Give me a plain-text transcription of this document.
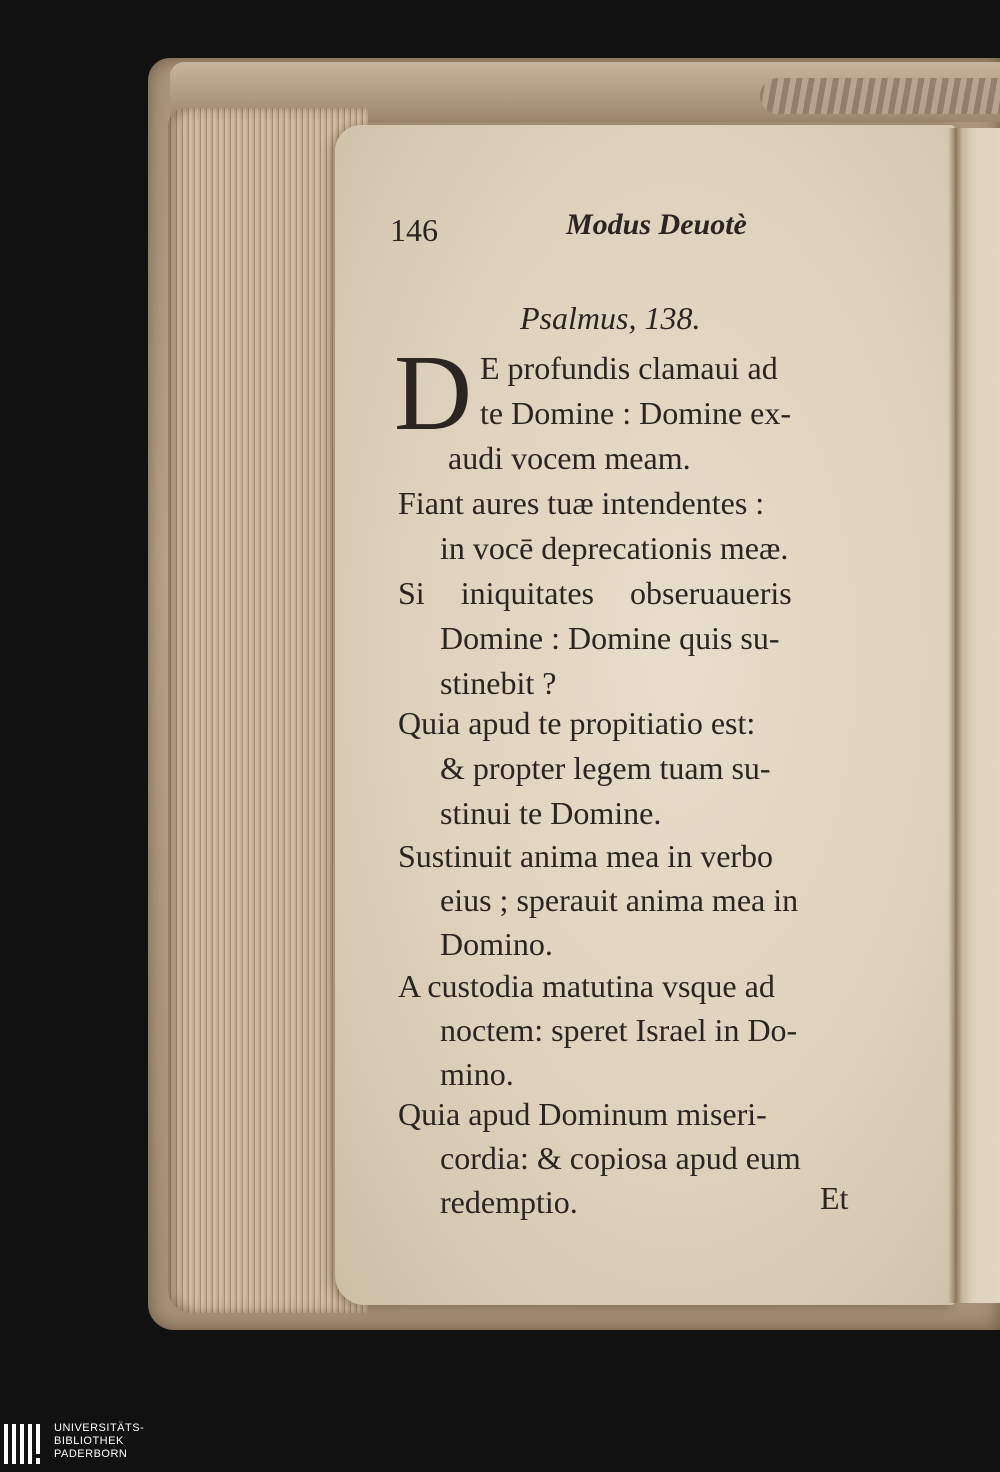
146	Modus Deuotè
Psalmus, 138.
D E profundis clamaui ad
te Domine : Domine ex-
audi vocem meam.
Fiant aures tuæ intendentes :
in vocē deprecationis meæ.
Si iniquitates obseruaueris
Domine : Domine quis su-
stinebit ?
Quia apud te propitiatio est:
& propter legem tuam su-
stinui te Domine.
Sustinuit anima mea in verbo
eius ; sperauit anima mea in
Domino.
A custodia matutina vsque ad
noctem: speret Israel in Do-
mino.
Quia apud Dominum miseri-
cordia: & copiosa apud eum
redemptio.	Et
UNIVERSITÄTS-
BIBLIOTHEK
PADERBORN
